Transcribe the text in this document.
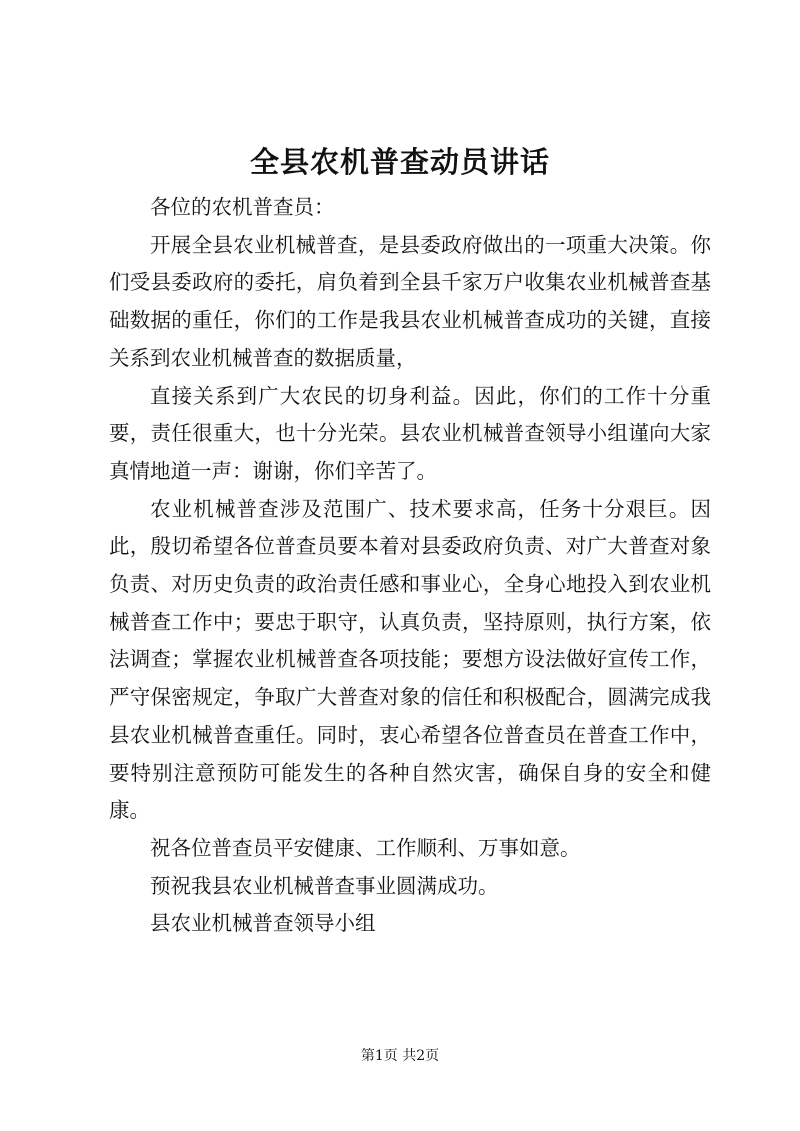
全县农机普查动员讲话

各位的农机普查员：

开展全县农业机械普查，是县委政府做出的一项重大决策。你们受县委政府的委托，肩负着到全县千家万户收集农业机械普查基础数据的重任，你们的工作是我县农业机械普查成功的关键，直接关系到农业机械普查的数据质量，

直接关系到广大农民的切身利益。因此，你们的工作十分重要，责任很重大，也十分光荣。县农业机械普查领导小组谨向大家真情地道一声：谢谢，你们辛苦了。

农业机械普查涉及范围广、技术要求高，任务十分艰巨。因此，殷切希望各位普查员要本着对县委政府负责、对广大普查对象负责、对历史负责的政治责任感和事业心，全身心地投入到农业机械普查工作中；要忠于职守，认真负责，坚持原则，执行方案，依法调查；掌握农业机械普查各项技能；要想方设法做好宣传工作，严守保密规定，争取广大普查对象的信任和积极配合，圆满完成我县农业机械普查重任。同时，衷心希望各位普查员在普查工作中，要特别注意预防可能发生的各种自然灾害，确保自身的安全和健康。

祝各位普查员平安健康、工作顺利、万事如意。

预祝我县农业机械普查事业圆满成功。

县农业机械普查领导小组

第1页 共2页
